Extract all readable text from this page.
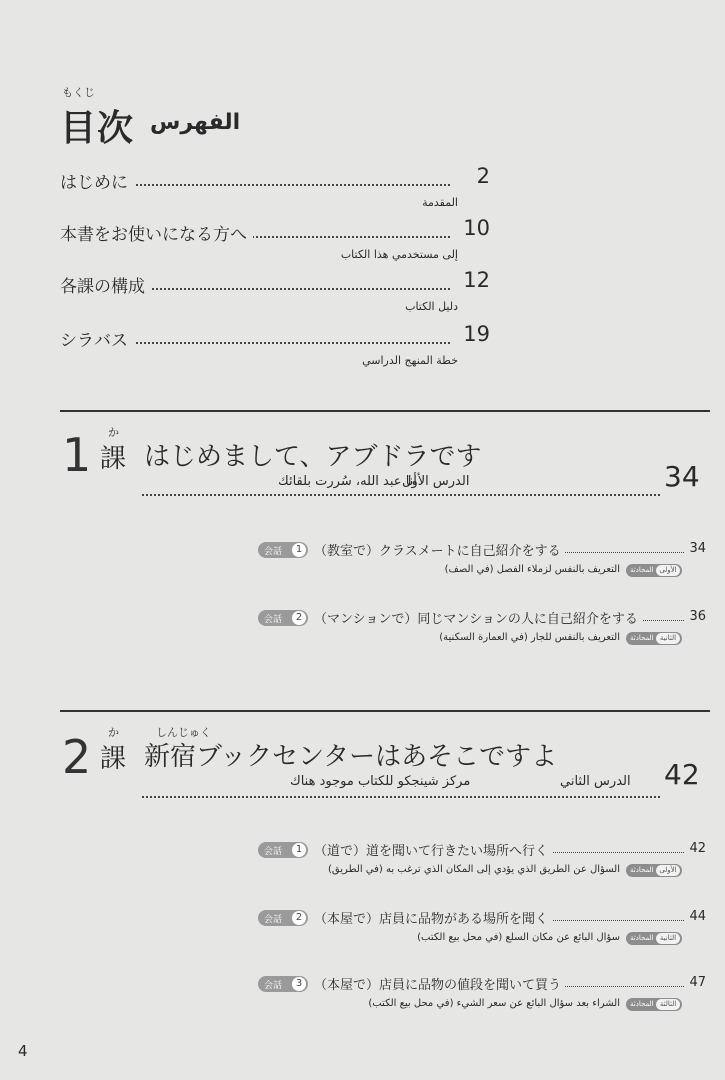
もくじ
目次 الفهرس
はじめに	2
المقدمة
本書をお使いになる方へ	10
إلى مستخدمي هذا الكتاب
各課の構成	12
دليل الكتاب
シラバス	19
خطة المنهج الدراسي
1 か
課 はじめまして、アブドラです
الدرس الأول
أنا عبد الله، سُررت بلقائك	34
会話	1 （教室で）クラスメートに自己紹介をする	34
التعريف بالنفس لزملاء الفصل (في الصف) المحادثة الأولى
会話	2 （マンションで）同じマンションの人に自己紹介をする	36
التعريف بالنفس للجار (في العمارة السكنية) المحادثة الثانية
2 か
課
しんじゅく
新宿ブックセンターはあそこですよ
الدرس الثاني
مركز شينجكو للكتاب موجود هناك	42
会話	1 （道で）道を聞いて行きたい場所へ行く	42
السؤال عن الطريق الذي يؤدي إلى المكان الذي ترغب به (في الطريق) المحادثة الأولى
会話	2 （本屋で）店員に品物がある場所を聞く	44
سؤال البائع عن مكان السلع (في محل بيع الكتب) المحادثة الثانية
会話	3 （本屋で）店員に品物の値段を聞いて買う	47
الشراء بعد سؤال البائع عن سعر الشيء (في محل بيع الكتب) المحادثة الثالثة
4
